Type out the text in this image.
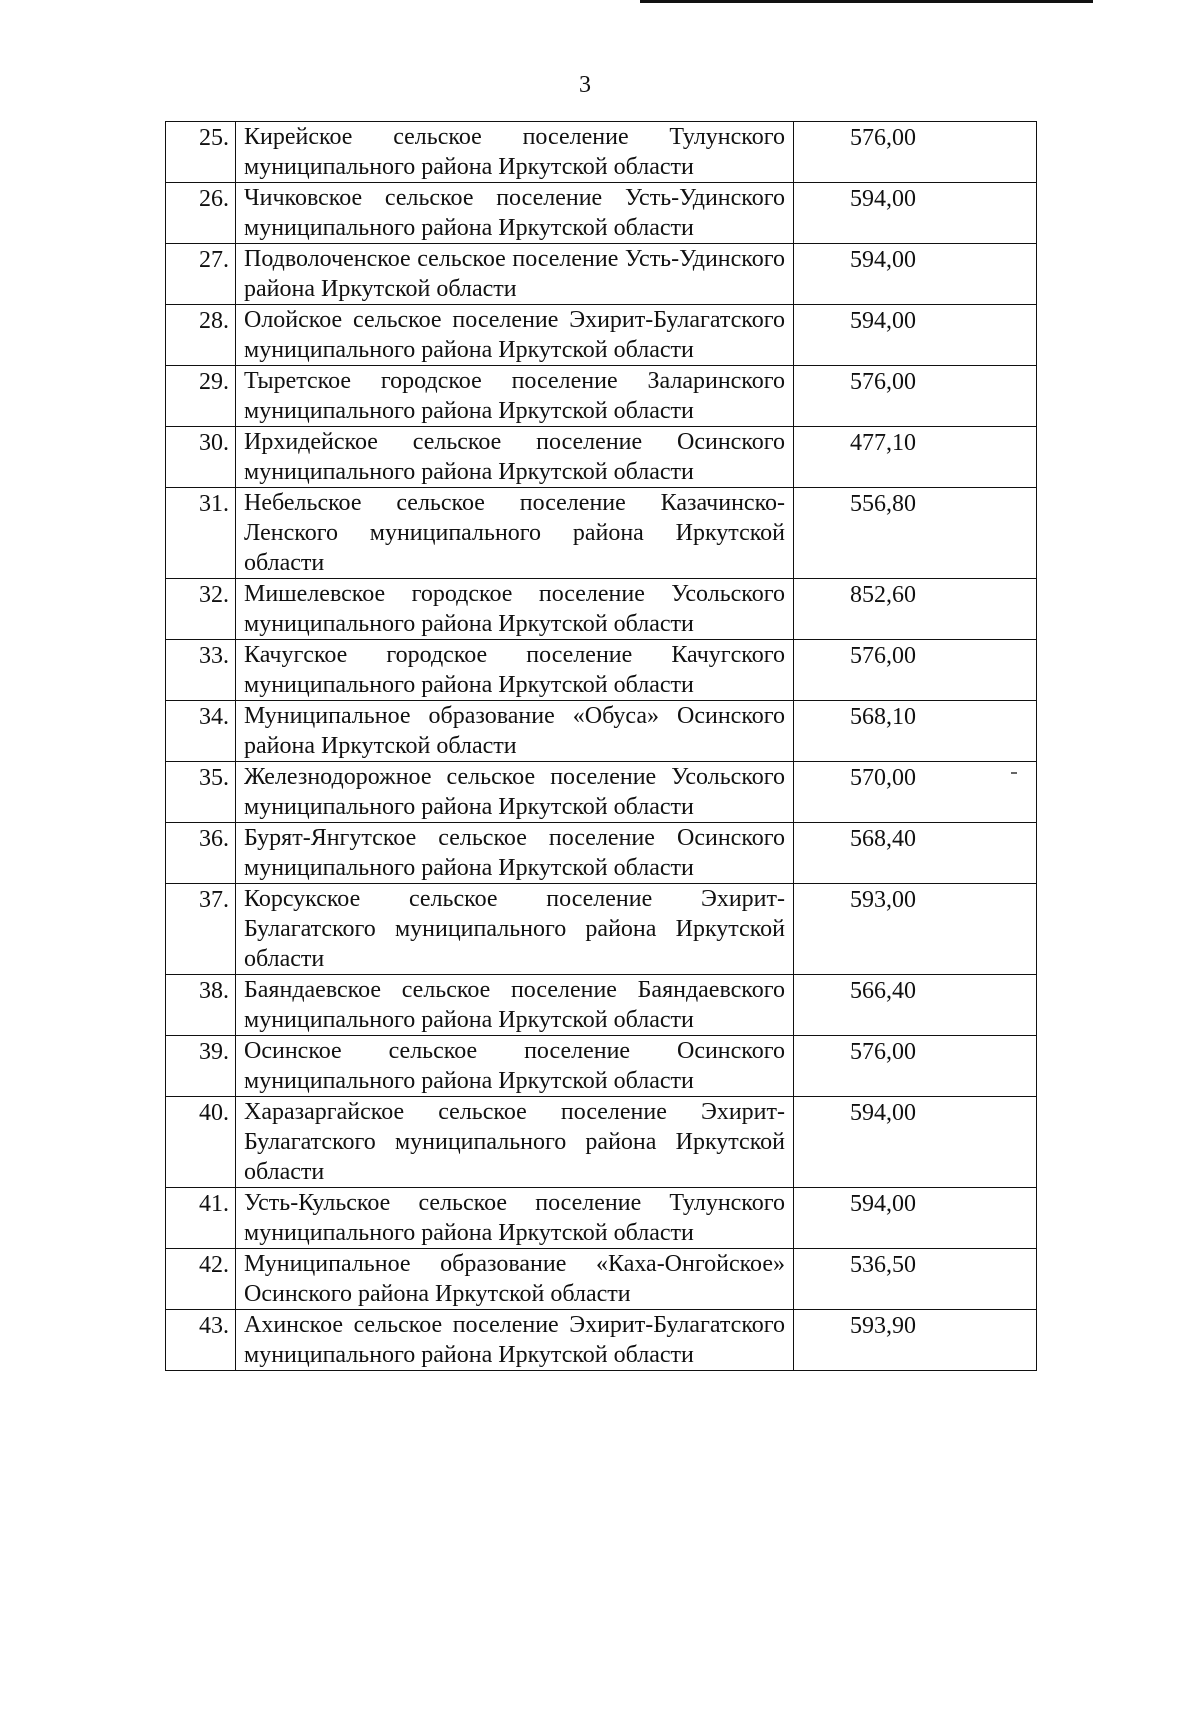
3
25.	Кирейское сельское поселение Тулунского муниципального района Иркутской области	576,00
26.	Чичковское сельское поселение Усть-Удинского муниципального района Иркутской области	594,00
27.	Подволоченское сельское поселение Усть-Удинского района Иркутской области	594,00
28.	Олойское сельское поселение Эхирит-Булагатского муниципального района Иркутской области	594,00
29.	Тыретское городское поселение Заларинского муниципального района Иркутской области	576,00
30.	Ирхидейское сельское поселение Осинского муниципального района Иркутской области	477,10
31.	Небельское сельское поселение Казачинско-Ленского муниципального района Иркутской области	556,80
32.	Мишелевское городское поселение Усольского муниципального района Иркутской области	852,60
33.	Качугское городское поселение Качугского муниципального района Иркутской области	576,00
34.	Муниципальное образование «Обуса» Осинского района Иркутской области	568,10
35.	Железнодорожное сельское поселение Усольского муниципального района Иркутской области	570,00
36.	Бурят-Янгутское сельское поселение Осинского муниципального района Иркутской области	568,40
37.	Корсукское сельское поселение Эхирит-Булагатского муниципального района Иркутской области	593,00
38.	Баяндаевское сельское поселение Баяндаевского муниципального района Иркутской области	566,40
39.	Осинское сельское поселение Осинского муниципального района Иркутской области	576,00
40.	Харазаргайское сельское поселение Эхирит-Булагатского муниципального района Иркутской области	594,00
41.	Усть-Кульское сельское поселение Тулунского муниципального района Иркутской области	594,00
42.	Муниципальное образование «Каха-Онгойское» Осинского района Иркутской области	536,50
43.	Ахинское сельское поселение Эхирит-Булагатского муниципального района Иркутской области	593,90
